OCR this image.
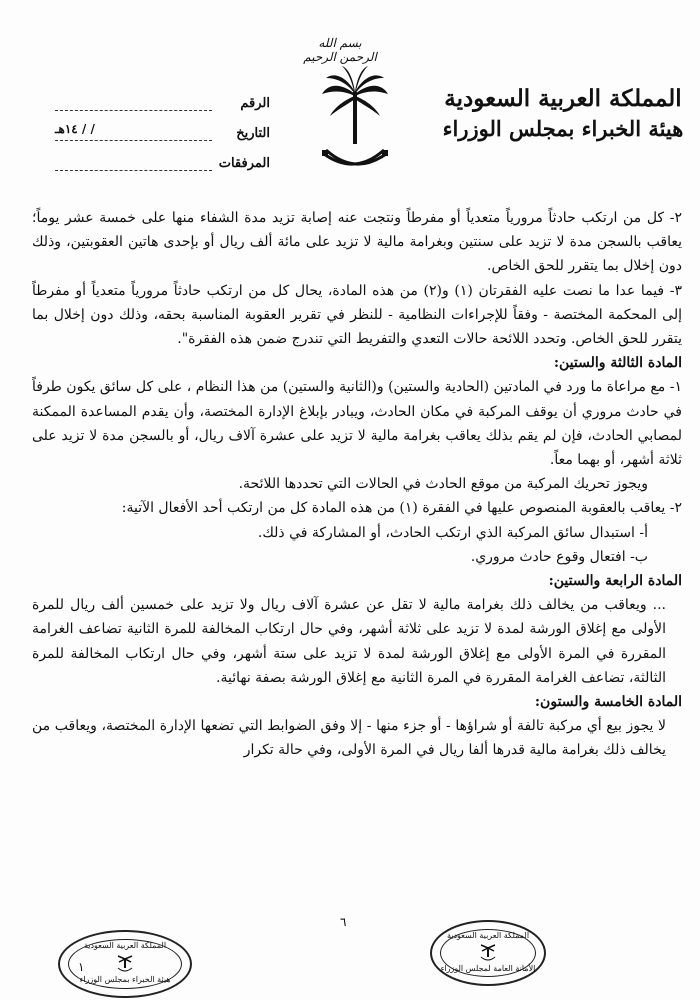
بسم الله الرحمن الرحيم
المملكة العربية السعودية
هيئة الخبراء بمجلس الوزراء
الرقم
التاريخ
/ / ١٤هـ
المرفقات

٢- كل من ارتكب حادثاً مرورياً متعدياً أو مفرطاً ونتجت عنه إصابة تزيد مدة الشفاء منها على خمسة عشر يوماً؛ يعاقب بالسجن مدة لا تزيد على سنتين وبغرامة مالية لا تزيد على مائة ألف ريال أو بإحدى هاتين العقوبتين، وذلك دون إخلال بما يتقرر للحق الخاص.

٣- فيما عدا ما نصت عليه الفقرتان (١) و(٢) من هذه المادة، يحال كل من ارتكب حادثاً مرورياً متعدياً أو مفرطاً إلى المحكمة المختصة - وفقاً للإجراءات النظامية - للنظر في تقرير العقوبة المناسبة بحقه، وذلك دون إخلال بما يتقرر للحق الخاص. وتحدد اللائحة حالات التعدي والتفريط التي تندرج ضمن هذه الفقرة".

المادة الثالثة والستين:

١- مع مراعاة ما ورد في المادتين (الحادية والستين) و(الثانية والستين) من هذا النظام ، على كل سائق يكون طرفاً في حادث مروري أن يوقف المركبة في مكان الحادث، ويبادر بإبلاغ الإدارة المختصة، وأن يقدم المساعدة الممكنة لمصابي الحادث، فإن لم يقم بذلك يعاقب بغرامة مالية لا تزيد على عشرة آلاف ريال، أو بالسجن مدة لا تزيد على ثلاثة أشهر، أو بهما معاً.

ويجوز تحريك المركبة من موقع الحادث في الحالات التي تحددها اللائحة.

٢- يعاقب بالعقوبة المنصوص عليها في الفقرة (١) من هذه المادة كل من ارتكب أحد الأفعال الآتية:

أ- استبدال سائق المركبة الذي ارتكب الحادث، أو المشاركة في ذلك.

ب- افتعال وقوع حادث مروري.

المادة الرابعة والستين:

... ويعاقب من يخالف ذلك بغرامة مالية لا تقل عن عشرة آلاف ريال ولا تزيد على خمسين ألف ريال للمرة الأولى مع إغلاق الورشة لمدة لا تزيد على ثلاثة أشهر، وفي حال ارتكاب المخالفة للمرة الثانية تضاعف الغرامة المقررة في المرة الأولى مع إغلاق الورشة لمدة لا تزيد على ستة أشهر، وفي حال ارتكاب المخالفة للمرة الثالثة، تضاعف الغرامة المقررة في المرة الثانية مع إغلاق الورشة بصفة نهائية.

المادة الخامسة والستون:

لا يجوز بيع أي مركبة تالفة أو شراؤها - أو جزء منها - إلا وفق الضوابط التي تضعها الإدارة المختصة، ويعاقب من يخالف ذلك بغرامة مالية قدرها ألفا ريال في المرة الأولى، وفي حالة تكرار

٦
المملكة العربية السعودية
هيئة الخبراء بمجلس الوزراء
١
المملكة العربية السعودية
الأمانة العامة لمجلس الوزراء
